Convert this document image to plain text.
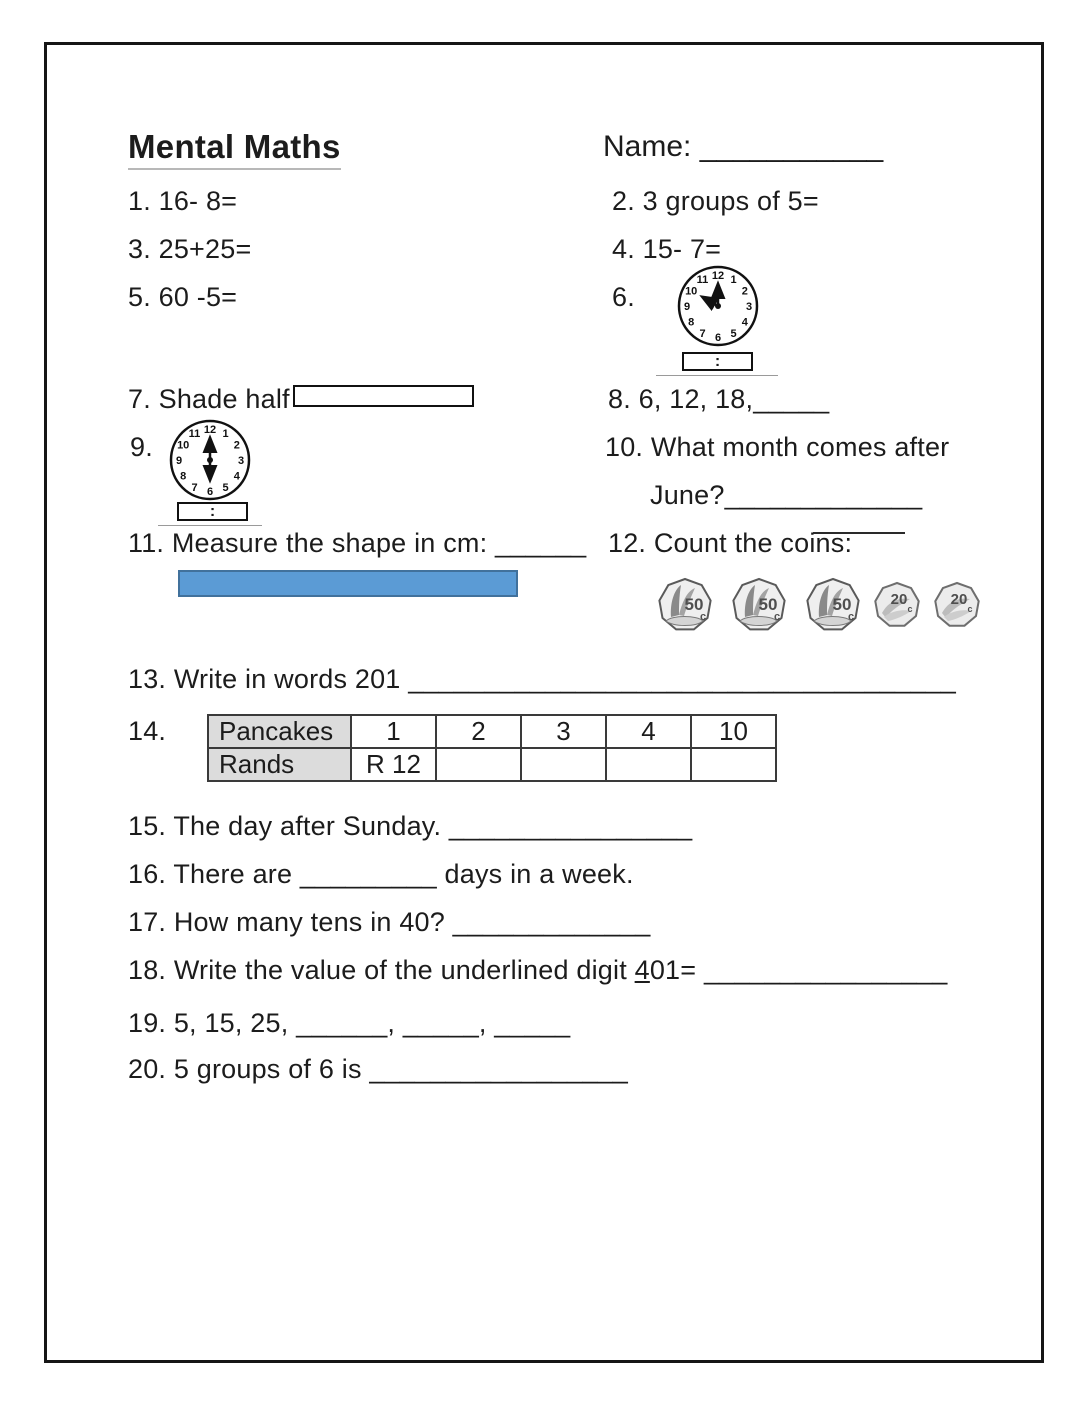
Mental Maths	Name: ___________
1. 16- 8=	2. 3 groups of 5=
3. 25+25=	4. 15- 7=
5. 60 -5=	6.
12 1
2
3
4
5
6
7
8
9
10
11
:
7. Shade half	8. 6, 12, 18,_____
9.
12 1
2
3
4
5
6
7
8
9
10
11
:
10. What month comes after
June?_____________
11. Measure the shape in cm: ______ 12. Count the coins:
50
c
50
c
50
c
20
c
20
c
13. Write in words 201 ____________________________________
14. Pancakes	1	2	3	4	10
Rands	R 12				
15. The day after Sunday. ________________
16. There are _________ days in a week.
17. How many tens in 40? _____________
18. Write the value of the underlined digit 401= ________________
19. 5, 15, 25, ______, _____, _____
20. 5 groups of 6 is _________________
